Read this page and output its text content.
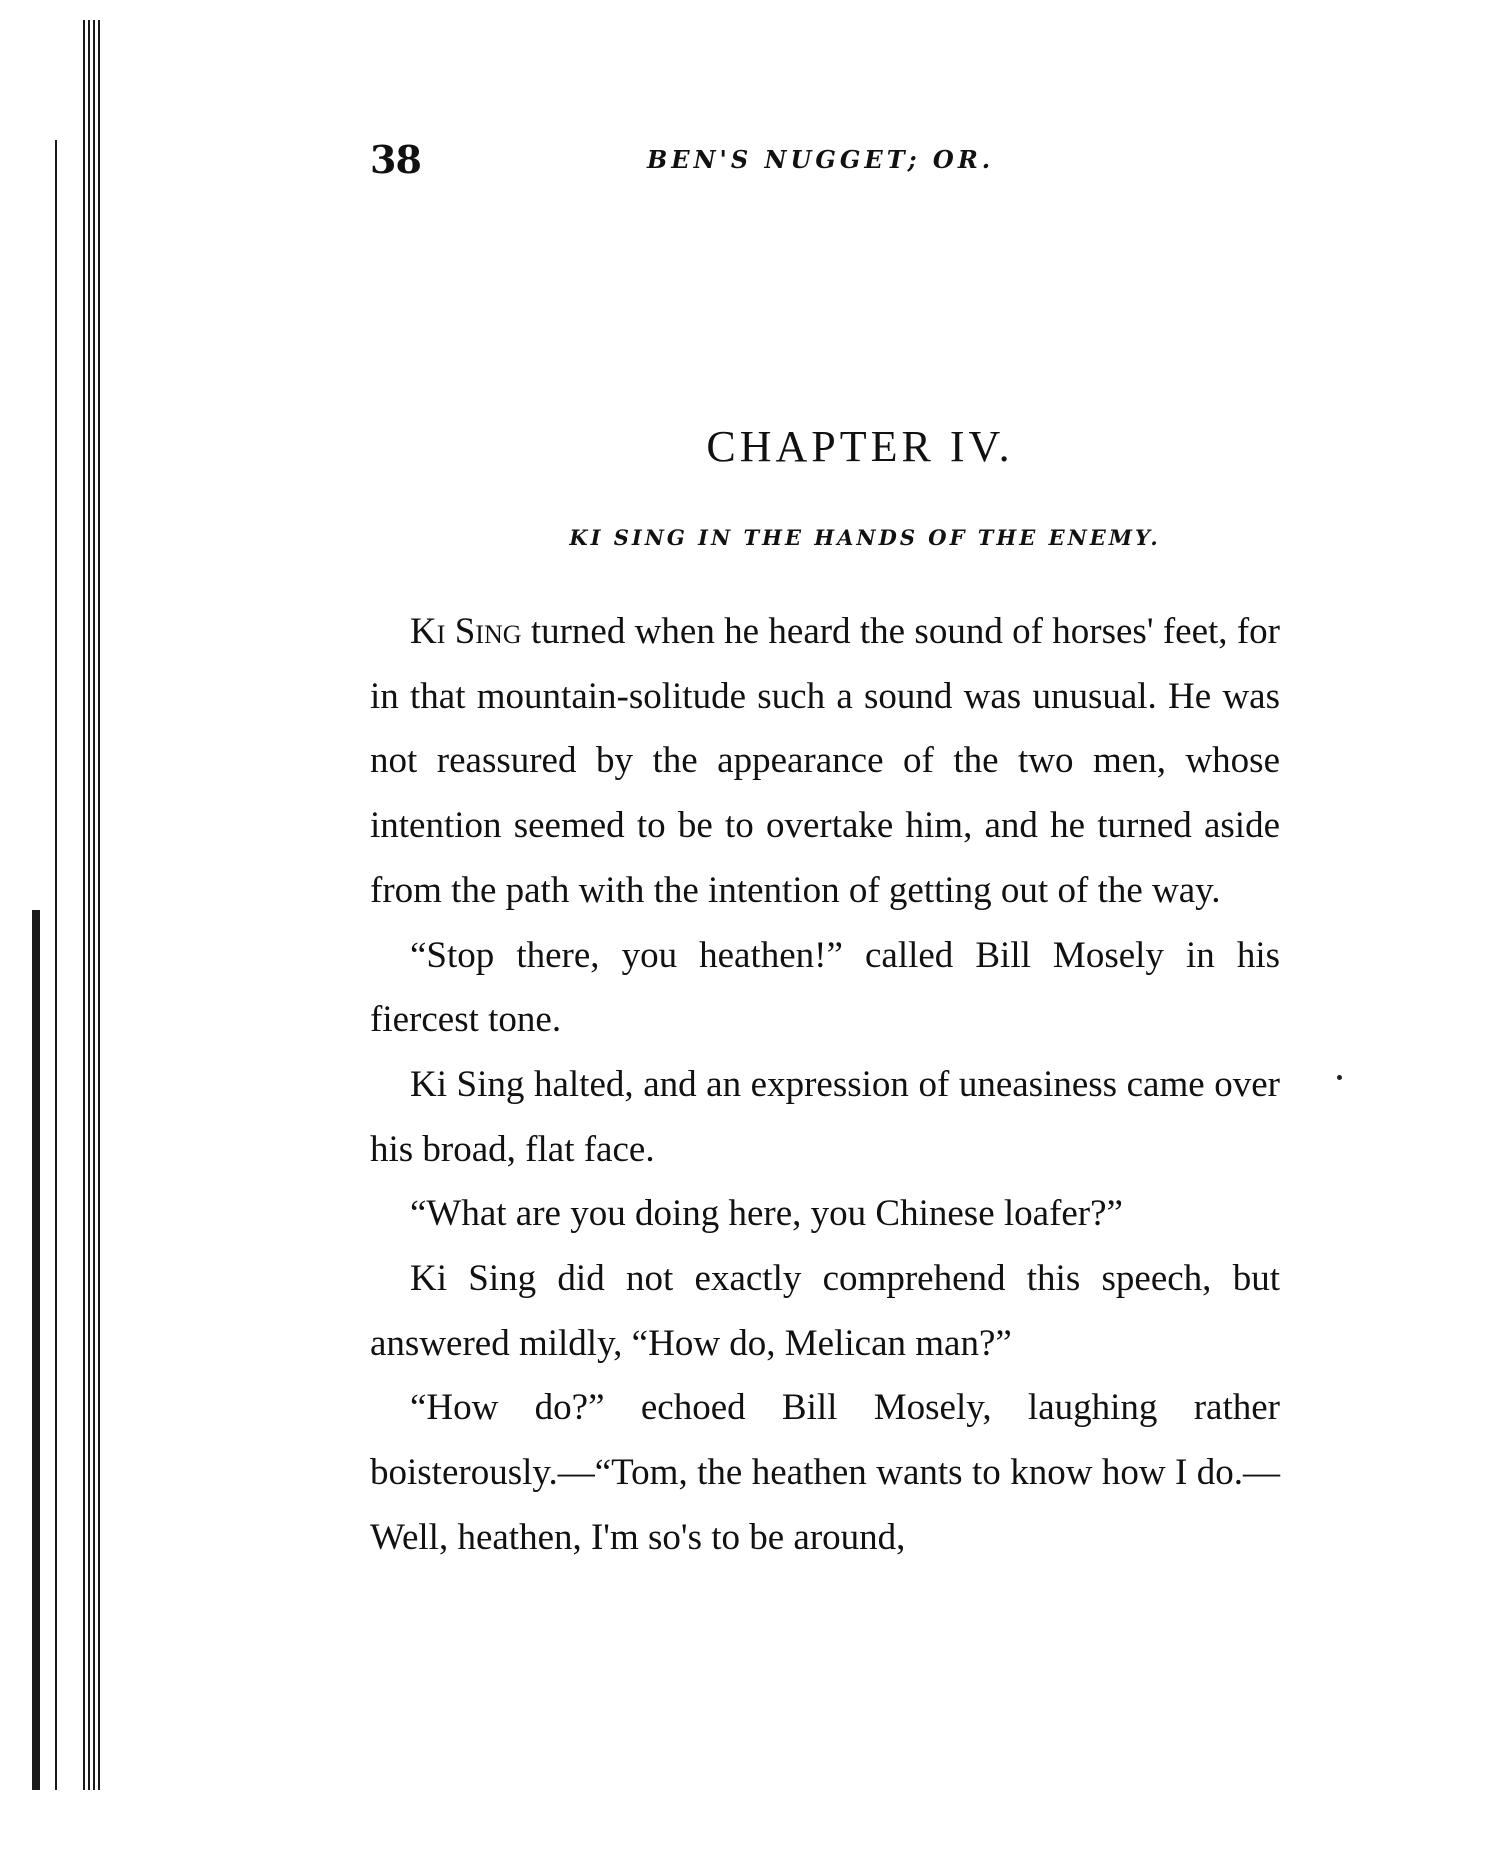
38	BEN'S NUGGET; OR.
CHAPTER IV.
KI SING IN THE HANDS OF THE ENEMY.

Ki Sing turned when he heard the sound of horses' feet, for in that mountain-solitude such a sound was unusual. He was not reassured by the appearance of the two men, whose intention seemed to be to overtake him, and he turned aside from the path with the intention of getting out of the way.

“Stop there, you heathen!” called Bill Mosely in his fiercest tone.

Ki Sing halted, and an expression of uneasiness came over his broad, flat face.

“What are you doing here, you Chinese loafer?”

Ki Sing did not exactly comprehend this speech, but answered mildly, “How do, Melican man?”

“How do?” echoed Bill Mosely, laughing rather boisterously.—“Tom, the heathen wants to know how I do.—Well, heathen, I'm so's to be around,
